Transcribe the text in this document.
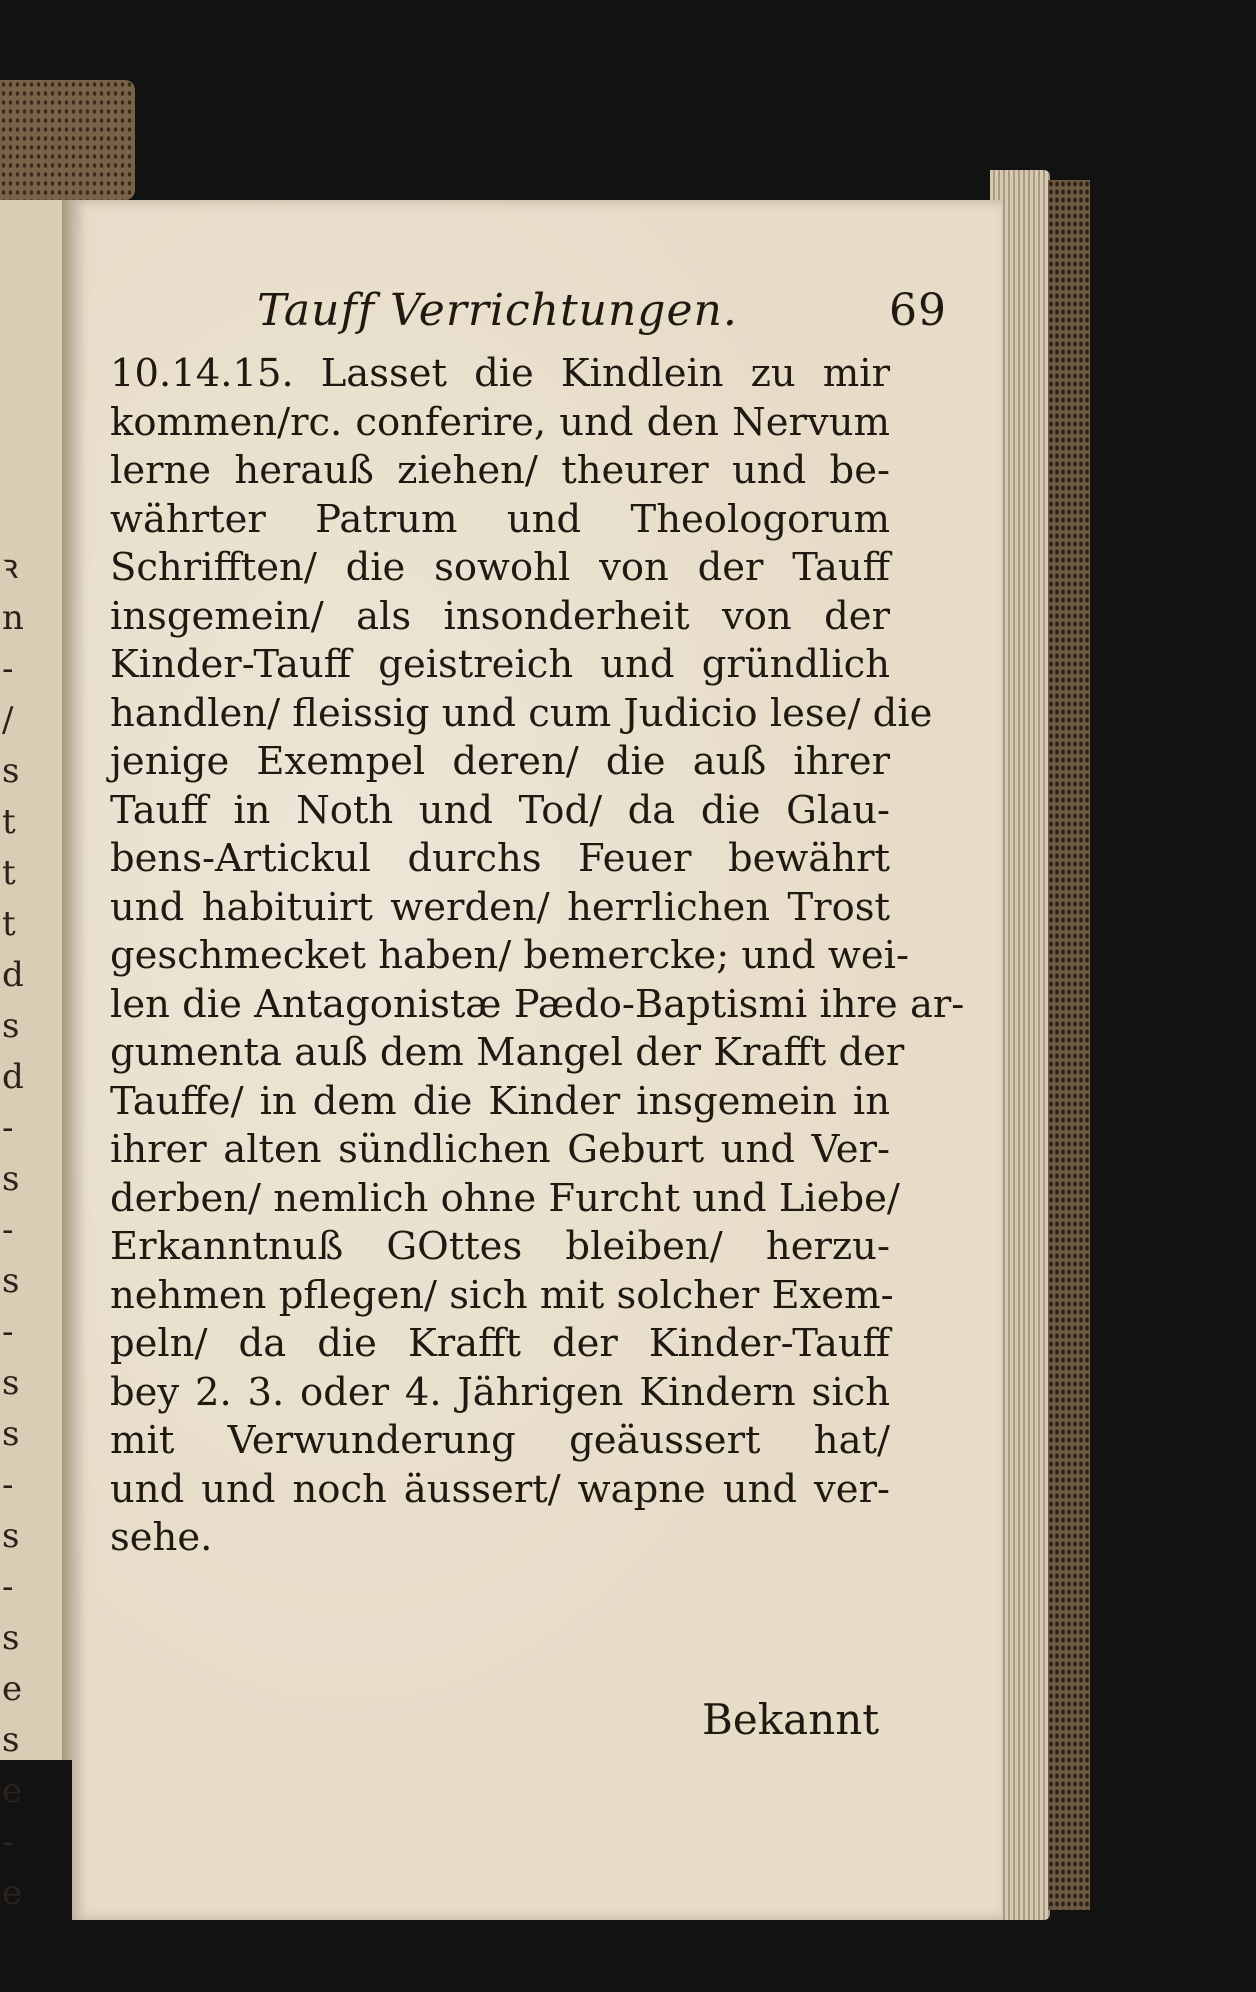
ꝛ
n
-
/
s
t
t
t
d
s
d
-
s
-
s
-
s
s
-
s
-
s
e
s
e
-
e
Tauff Verrichtungen.	69
10.14.15. Lasset die Kindlein zu mir
kommen/rc. conferire, und den Nervum
lerne herauß ziehen/ theurer und be-
währter Patrum und Theologorum
Schrifften/ die sowohl von der Tauff
insgemein/ als insonderheit von der
Kinder-Tauff geistreich und gründlich
handlen/ fleissig und cum Judicio lese/ die
jenige Exempel deren/ die auß ihrer
Tauff in Noth und Tod/ da die Glau-
bens-Artickul durchs Feuer bewährt
und habituirt werden/ herrlichen Trost
geschmecket haben/ bemercke; und wei-
len die Antagonistæ Pædo-Baptismi ihre ar-
gumenta auß dem Mangel der Krafft der
Tauffe/ in dem die Kinder insgemein in
ihrer alten sündlichen Geburt und Ver-
derben/ nemlich ohne Furcht und Liebe/
Erkanntnuß GOttes bleiben/ herzu-
nehmen pflegen/ sich mit solcher Exem-
peln/ da die Krafft der Kinder-Tauff
bey 2. 3. oder 4. Jährigen Kindern sich
mit Verwunderung geäussert hat/
und und noch äussert/ wapne und ver-
sehe.
Bekannt
